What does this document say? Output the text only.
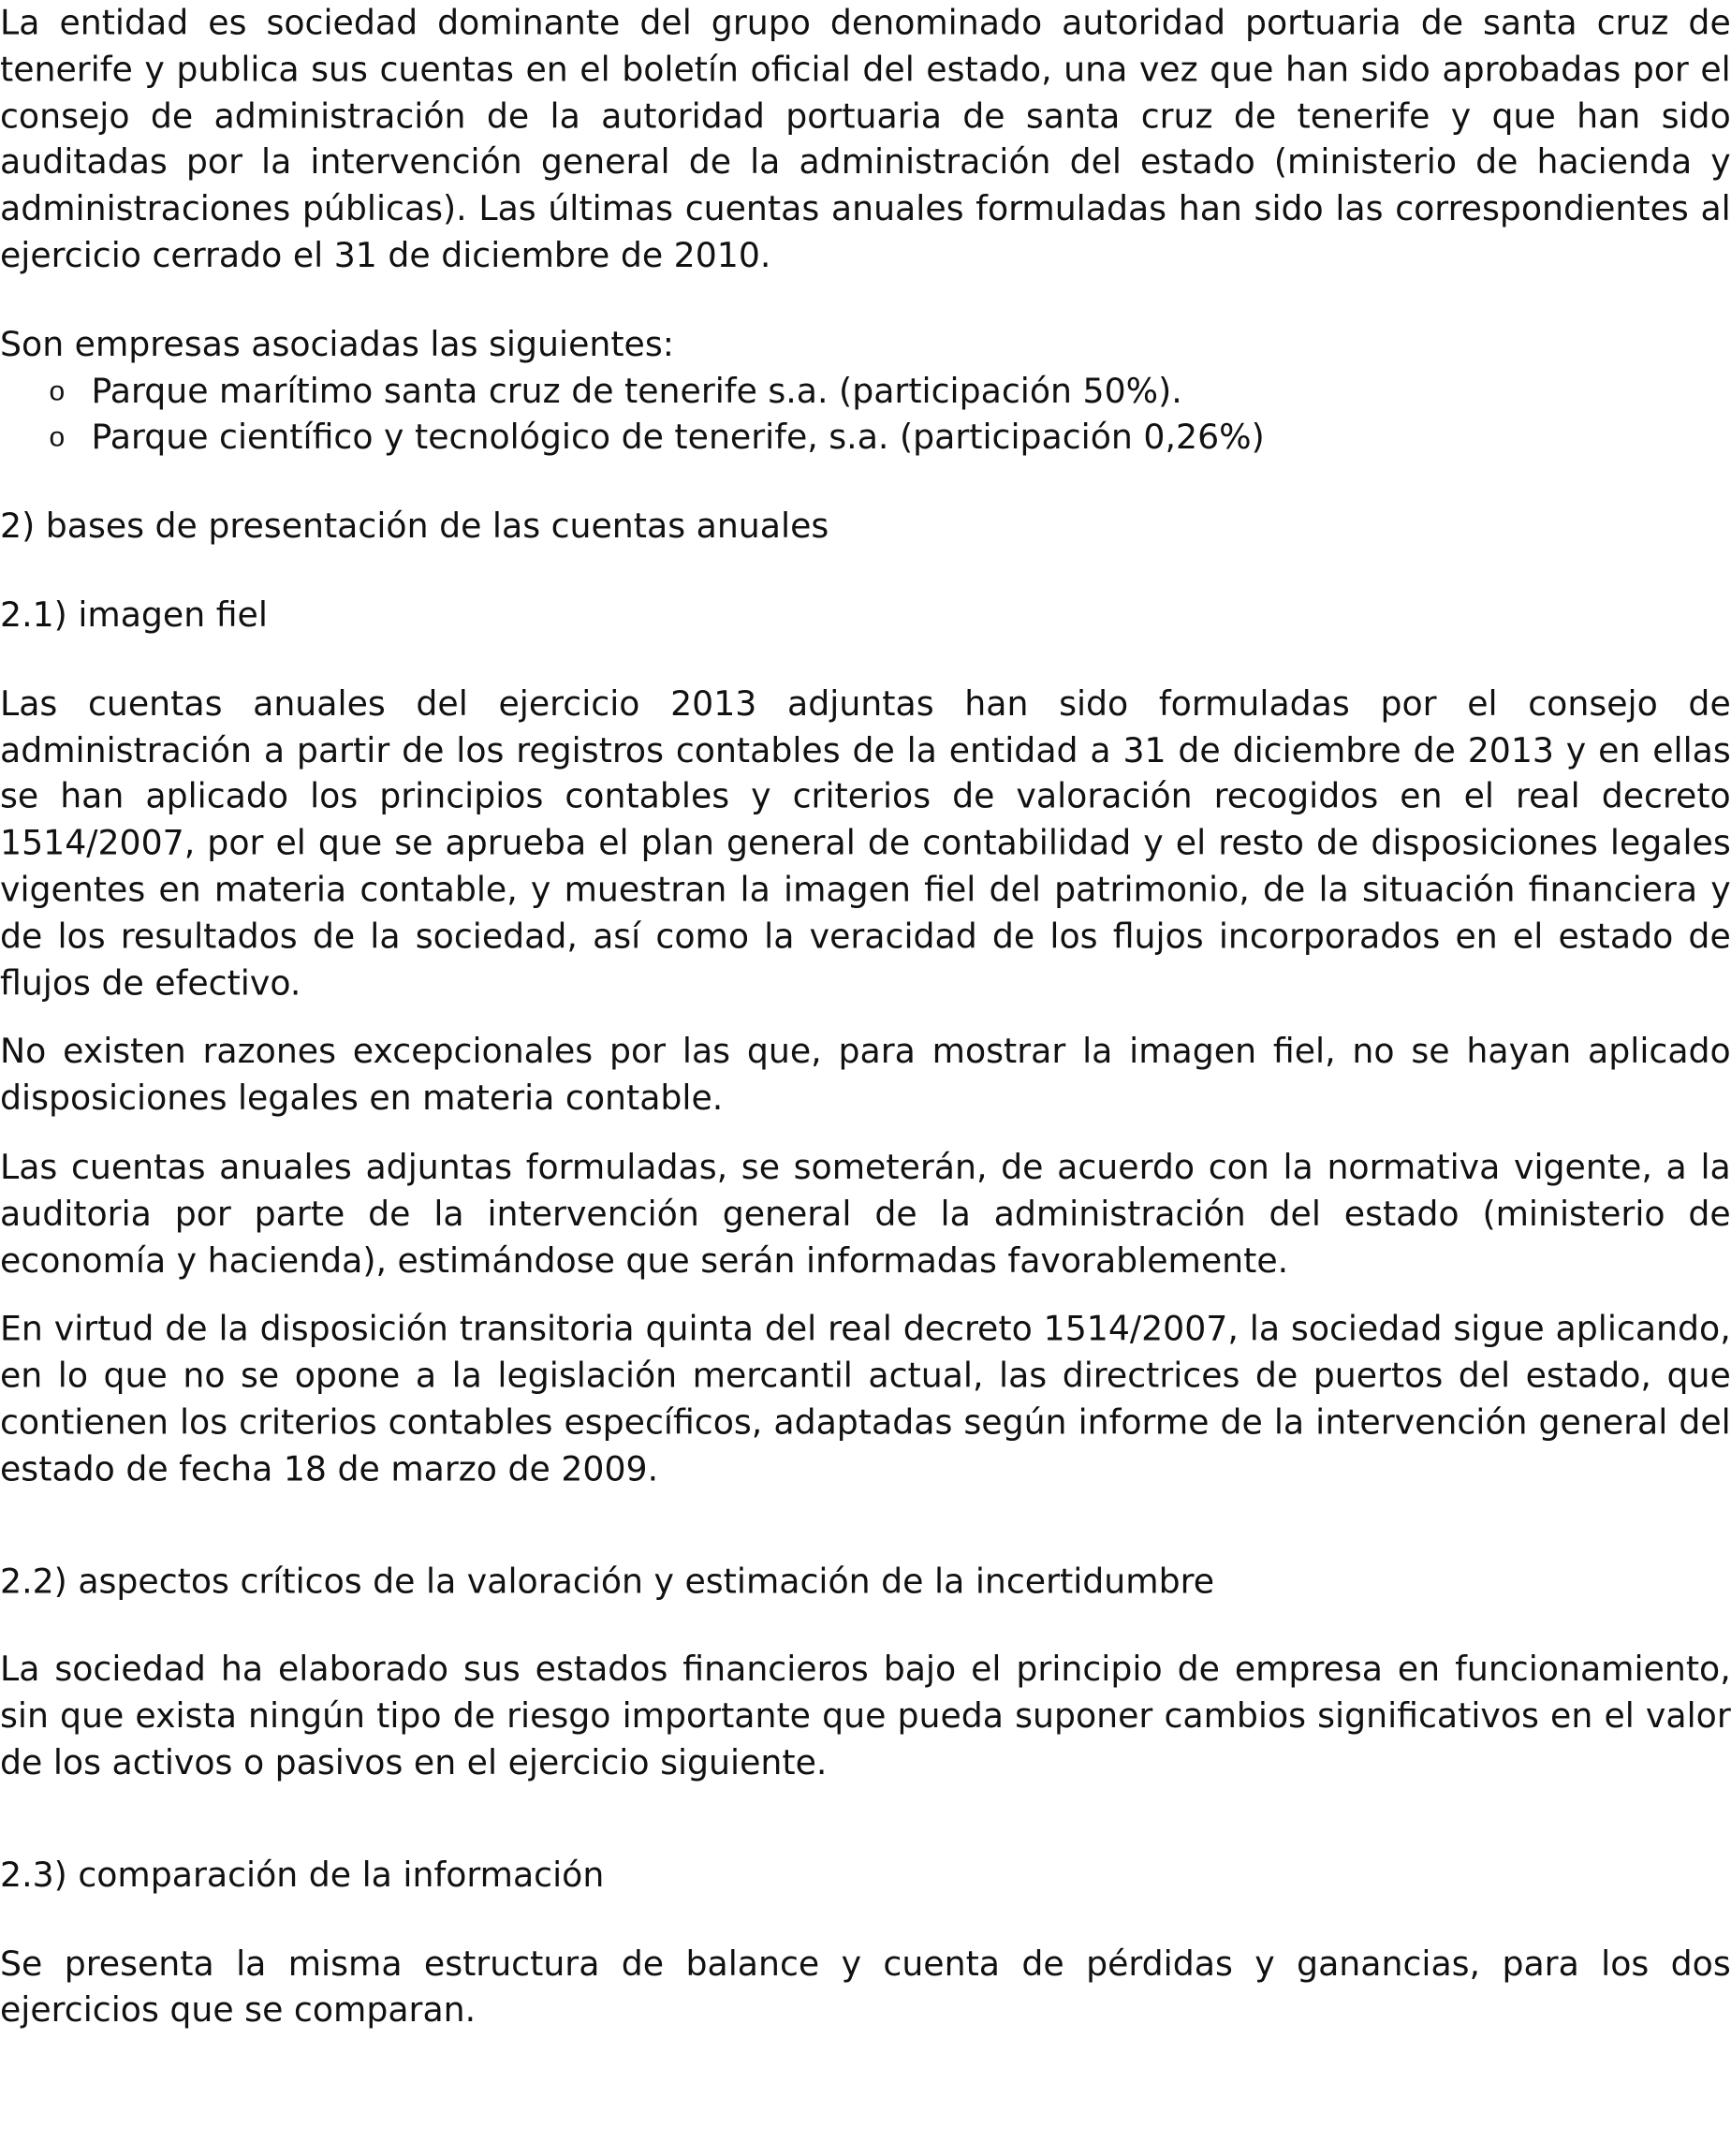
La entidad es sociedad dominante del grupo denominado autoridad portuaria de santa cruz de tenerife y publica sus cuentas en el boletín oficial del estado, una vez que han sido aprobadas por el consejo de administración de la autoridad portuaria de santa cruz de tenerife y que han sido auditadas por la intervención general de la administración del estado (ministerio de hacienda y administraciones públicas). Las últimas cuentas anuales formuladas han sido las correspondientes al ejercicio cerrado el 31 de diciembre de 2010.

Son empresas asociadas las siguientes:

o Parque marítimo santa cruz de tenerife s.a. (participación 50%).
o Parque científico y tecnológico de tenerife, s.a. (participación 0,26%)

2) bases de presentación de las cuentas anuales

2.1) imagen fiel

Las cuentas anuales del ejercicio 2013 adjuntas han sido formuladas por el consejo de administración a partir de los registros contables de la entidad a 31 de diciembre de 2013 y en ellas se han aplicado los principios contables y criterios de valoración recogidos en el real decreto 1514/2007, por el que se aprueba el plan general de contabilidad y el resto de disposiciones legales vigentes en materia contable, y muestran la imagen fiel del patrimonio, de la situación financiera y de los resultados de la sociedad, así como la veracidad de los flujos incorporados en el estado de flujos de efectivo.

No existen razones excepcionales por las que, para mostrar la imagen fiel, no se hayan aplicado disposiciones legales en materia contable.

Las cuentas anuales adjuntas formuladas, se someterán, de acuerdo con la normativa vigente, a la auditoria por parte de la intervención general de la administración del estado (ministerio de economía y hacienda), estimándose que serán informadas favorablemente.

En virtud de la disposición transitoria quinta del real decreto 1514/2007, la sociedad sigue aplicando, en lo que no se opone a la legislación mercantil actual, las directrices de puertos del estado, que contienen los criterios contables específicos, adaptadas según informe de la intervención general del estado de fecha 18 de marzo de 2009.

2.2) aspectos críticos de la valoración y estimación de la incertidumbre

La sociedad ha elaborado sus estados financieros bajo el principio de empresa en funcionamiento, sin que exista ningún tipo de riesgo importante que pueda suponer cambios significativos en el valor de los activos o pasivos en el ejercicio siguiente.

2.3) comparación de la información

Se presenta la misma estructura de balance y cuenta de pérdidas y ganancias, para los dos ejercicios que se comparan.
